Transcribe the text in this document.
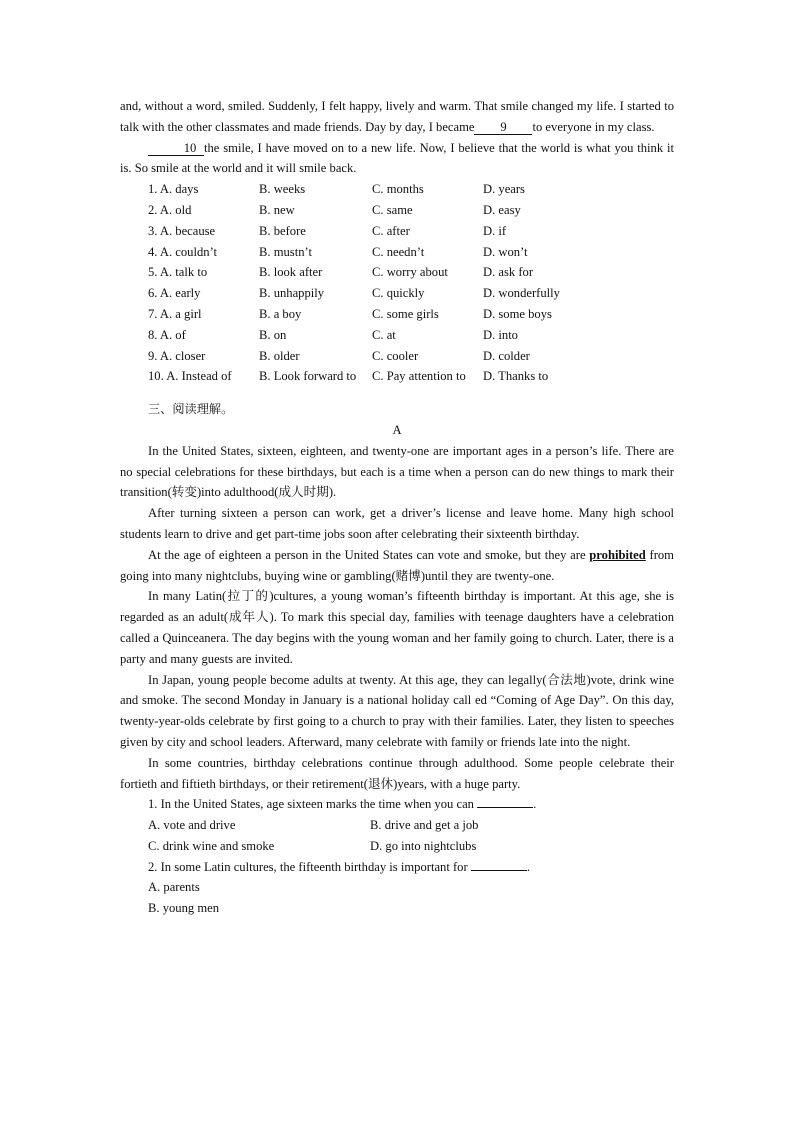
and, without a word, smiled. Suddenly, I felt happy, lively and warm. That smile changed my life. I started to talk with the other classmates and made friends. Day by day, I became 9 to everyone in my class.

10 the smile, I have moved on to a new life. Now, I believe that the world is what you think it is. So smile at the world and it will smile back.

1. A. days	B. weeks	C. months	D. years
2. A. old	B. new	C. same	D. easy
3. A. because	B. before	C. after	D. if
4. A. couldn’t	B. mustn’t	C. needn’t	D. won’t
5. A. talk to	B. look after	C. worry about	D. ask for
6. A. early	B. unhappily	C. quickly	D. wonderfully
7. A. a girl	B. a boy	C. some girls	D. some boys
8. A. of	B. on	C. at	D. into
9. A. closer	B. older	C. cooler	D. colder
10. A. Instead of	B. Look forward to	C. Pay attention to	D. Thanks to
三、阅读理解。
A

In the United States, sixteen, eighteen, and twenty-one are important ages in a person’s life. There are no special celebrations for these birthdays, but each is a time when a person can do new things to mark their transition(转变)into adulthood(成人时期).

After turning sixteen a person can work, get a driver’s license and leave home. Many high school students learn to drive and get part-time jobs soon after celebrating their sixteenth birthday.

At the age of eighteen a person in the United States can vote and smoke, but they are prohibited from going into many nightclubs, buying wine or gambling(赌博)until they are twenty-one.

In many Latin(拉丁的)cultures, a young woman’s fifteenth birthday is important. At this age, she is regarded as an adult(成年人). To mark this special day, families with teenage daughters have a celebration called a Quinceanera. The day begins with the young woman and her family going to church. Later, there is a party and many guests are invited.

In Japan, young people become adults at twenty. At this age, they can legally(合法地)vote, drink wine and smoke. The second Monday in January is a national holiday call ed “Coming of Age Day”. On this day, twenty-year-olds celebrate by first going to a church to pray with their families. Later, they listen to speeches given by city and school leaders. Afterward, many celebrate with family or friends late into the night.

In some countries, birthday celebrations continue through adulthood. Some people celebrate their fortieth and fiftieth birthdays, or their retirement(退休)years, with a huge party.

1. In the United States, age sixteen marks the time when you can	.
A. vote and drive	B. drive and get a job
C. drink wine and smoke	D. go into nightclubs
2. In some Latin cultures, the fifteenth birthday is important for	.
A. parents
B. young men
